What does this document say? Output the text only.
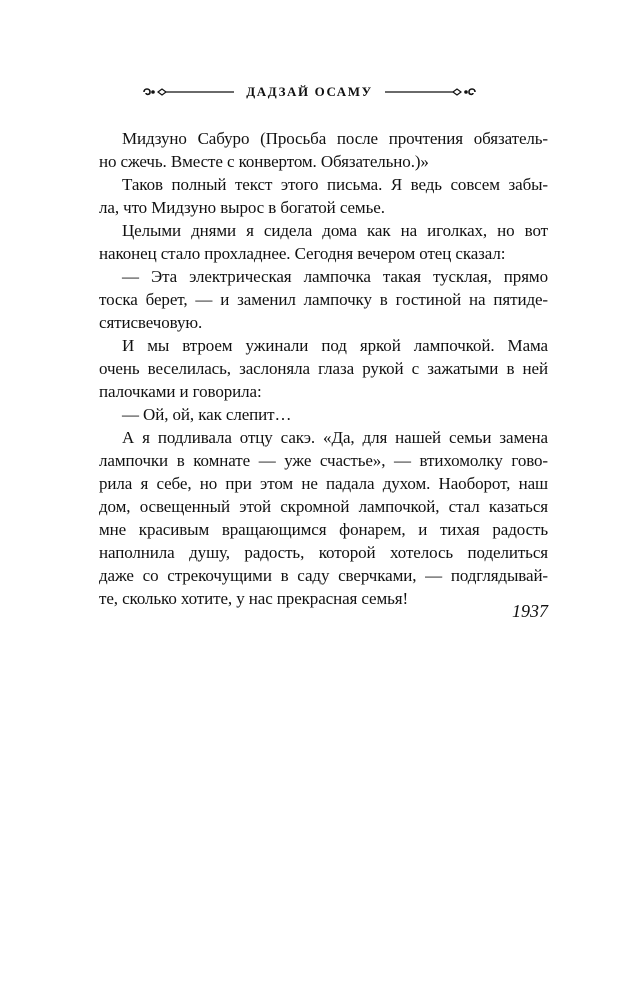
ДАДЗАЙ ОСАМУ
Мидзуно Сабуро (Просьба после прочтения обязатель-
но сжечь. Вместе с конвертом. Обязательно.)»
Таков полный текст этого письма. Я ведь совсем забы-
ла, что Мидзуно вырос в богатой семье.
Целыми днями я сидела дома как на иголках, но вот
наконец стало прохладнее. Сегодня вечером отец сказал:
— Эта электрическая лампочка такая тусклая, прямо
тоска берет, — и заменил лампочку в гостиной на пятиде-
сятисвечовую.
И мы втроем ужинали под яркой лампочкой. Мама
очень веселилась, заслоняла глаза рукой с зажатыми в ней
палочками и говорила:
— Ой, ой, как слепит…
А я подливала отцу сакэ. «Да, для нашей семьи замена
лампочки в комнате — уже счастье», — втихомолку гово-
рила я себе, но при этом не падала духом. Наоборот, наш
дом, освещенный этой скромной лампочкой, стал казаться
мне красивым вращающимся фонарем, и тихая радость
наполнила душу, радость, которой хотелось поделиться
даже со стрекочущими в саду сверчками, — подглядывай-
те, сколько хотите, у нас прекрасная семья!
1937
